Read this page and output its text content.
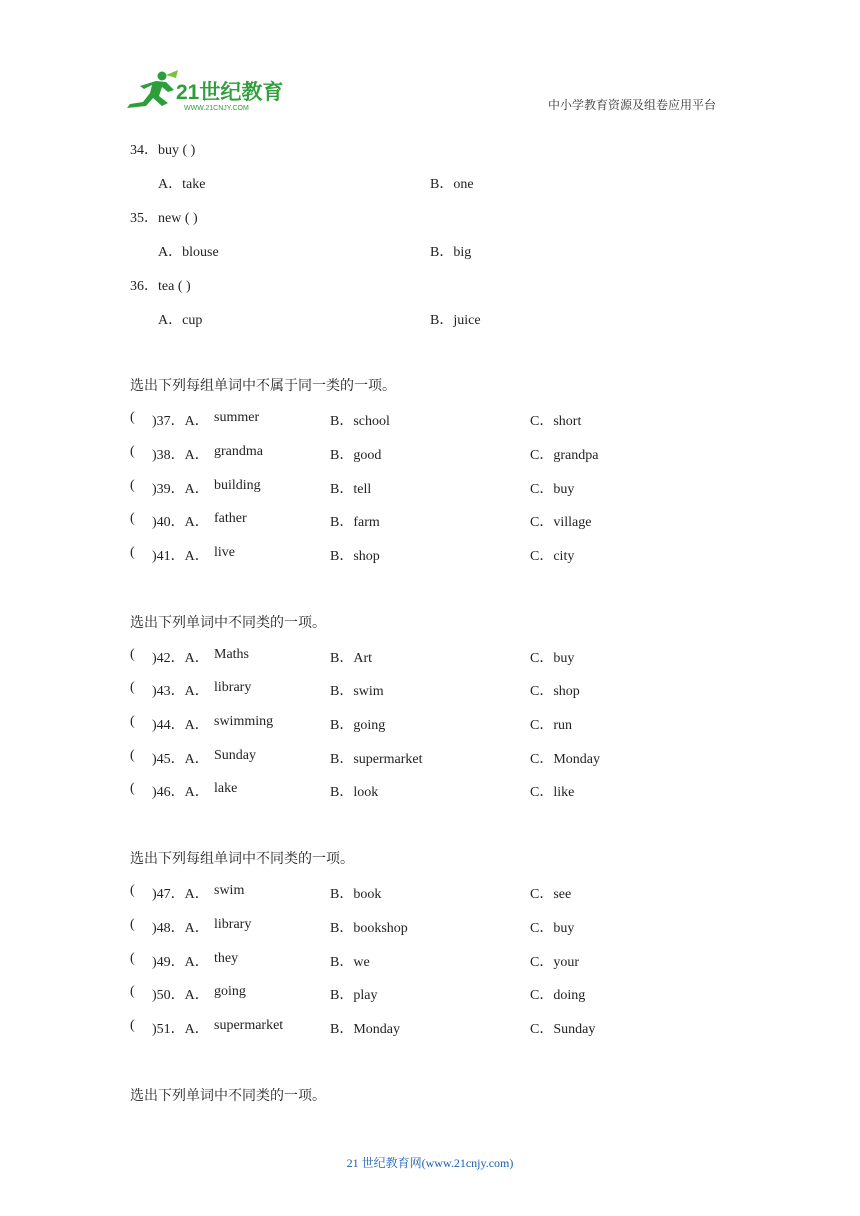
21世纪教育
WWW.21CNJY.COM	中小学教育资源及组卷应用平台
34．buy ( )
A．take	B．one
35．new ( )
A．blouse	B．big
36．tea ( )
A．cup	B．juice
选出下列每组单词中不属于同一类的一项。
( )37．A． summer	B．school	C．short
( )38．A． grandma	B．good	C．grandpa
( )39．A． building	B．tell	C．buy
( )40．A． father	B．farm	C．village
( )41．A． live	B．shop	C．city
选出下列单词中不同类的一项。
( )42．A． Maths	B．Art	C．buy
( )43．A． library	B．swim	C．shop
( )44．A． swimming	B．going	C．run
( )45．A． Sunday	B．supermarket	C．Monday
( )46．A． lake	B．look	C．like
选出下列每组单词中不同类的一项。
( )47．A． swim	B．book	C．see
( )48．A． library	B．bookshop	C．buy
( )49．A． they	B．we	C．your
( )50．A． going	B．play	C．doing
( )51．A． supermarket	B．Monday	C．Sunday
选出下列单词中不同类的一项。
21 世纪教育网(www.21cnjy.com)
